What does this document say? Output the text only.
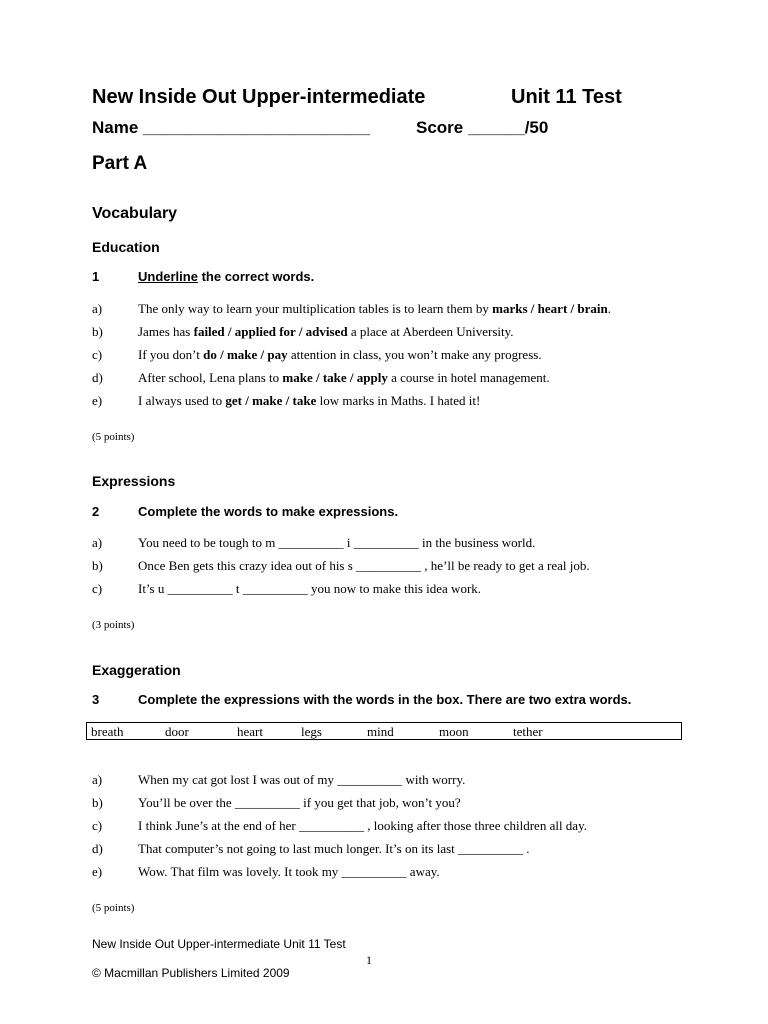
New Inside Out Upper-intermediate	Unit 11 Test
Name ________________________	Score ______/50
Part A
Vocabulary
Education
1	Underline the correct words.
a)	The only way to learn your multiplication tables is to learn them by marks / heart / brain.
b)	James has failed / applied for / advised a place at Aberdeen University.
c)	If you don’t do / make / pay attention in class, you won’t make any progress.
d)	After school, Lena plans to make / take / apply a course in hotel management.
e)	I always used to get / make / take low marks in Maths. I hated it!
(5 points)
Expressions
2	Complete the words to make expressions.
a)	You need to be tough to m __________ i __________ in the business world.
b)	Once Ben gets this crazy idea out of his s __________ , he’ll be ready to get a real job.
c)	It’s u __________ t __________ you now to make this idea work.
(3 points)
Exaggeration
3	Complete the expressions with the words in the box. There are two extra words.
breath	door	heart	legs	mind	moon	tether
a)	When my cat got lost I was out of my __________ with worry.
b)	You’ll be over the __________ if you get that job, won’t you?
c)	I think June’s at the end of her __________ , looking after those three children all day.
d)	That computer’s not going to last much longer. It’s on its last __________ .
e)	Wow. That film was lovely. It took my __________ away.
(5 points)
New Inside Out Upper-intermediate Unit 11 Test
1
© Macmillan Publishers Limited 2009
